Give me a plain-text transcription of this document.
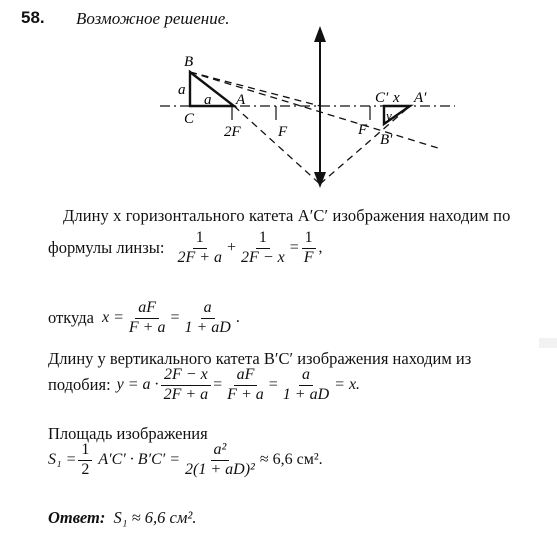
58. Возможное решение.
B
a
a A
C
2F F
C′ x A′
y
F
B′
Длину x горизонтального катета A′C′ изображения находим по
формулы линзы: $\frac{1}{2F + a} + \frac{1}{2F - x} = \frac{1}{F}$ ,
откуда $x = \frac{aF}{F + a} = \frac{a}{1 + aD}$ .
Длину y вертикального катета B′C′ изображения находим из
подобия: $y = a \cdot \frac{2F - x}{2F + a} = \frac{aF}{F + a} = \frac{a}{1 + aD} = x$.
Площадь изображения
$S_1 = \frac{1}{2} A'C' \cdot B'C' = \frac{\text{a²}}{\text{2(1 + aD)²}} \approx 6,6$ см².
Ответ: S₁ ≈ 6,6 см².
